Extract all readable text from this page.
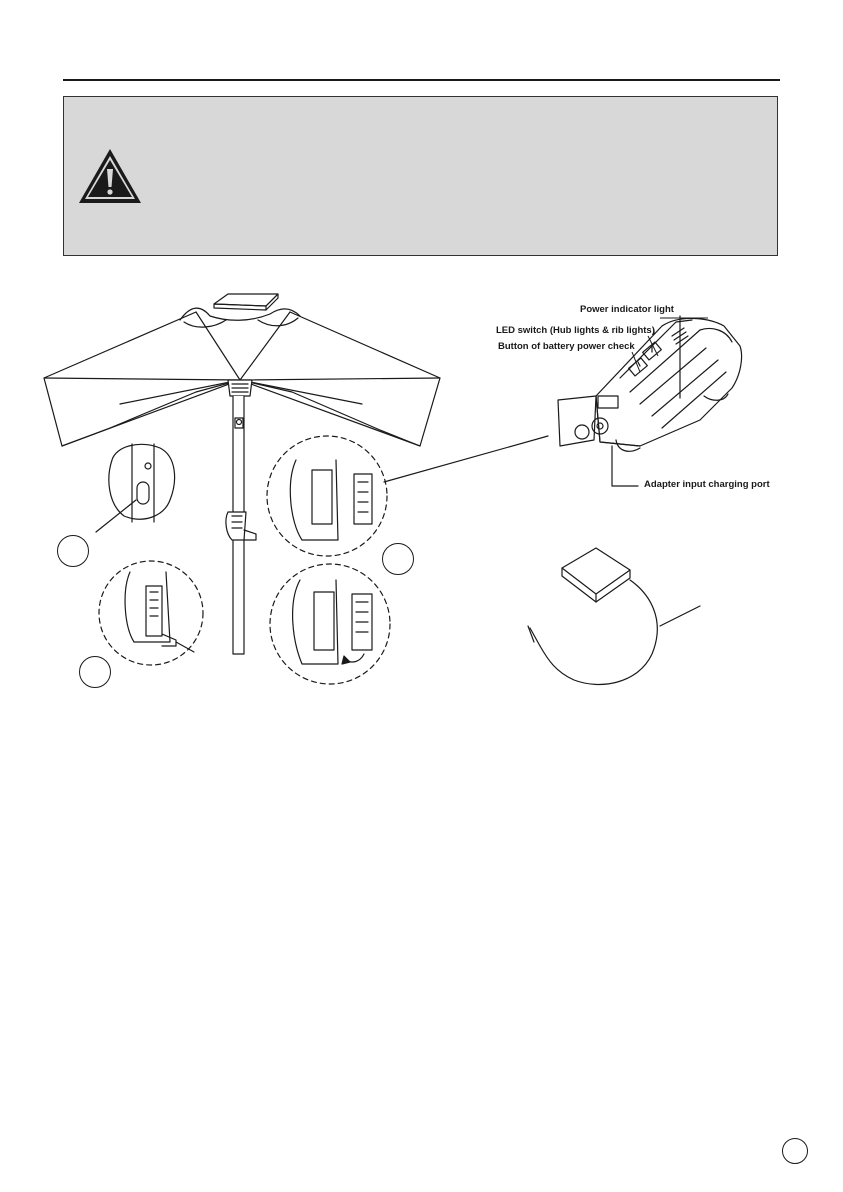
Power indicator light
LED switch (Hub lights & rib lights)
Button of battery power check
Adapter input charging port
